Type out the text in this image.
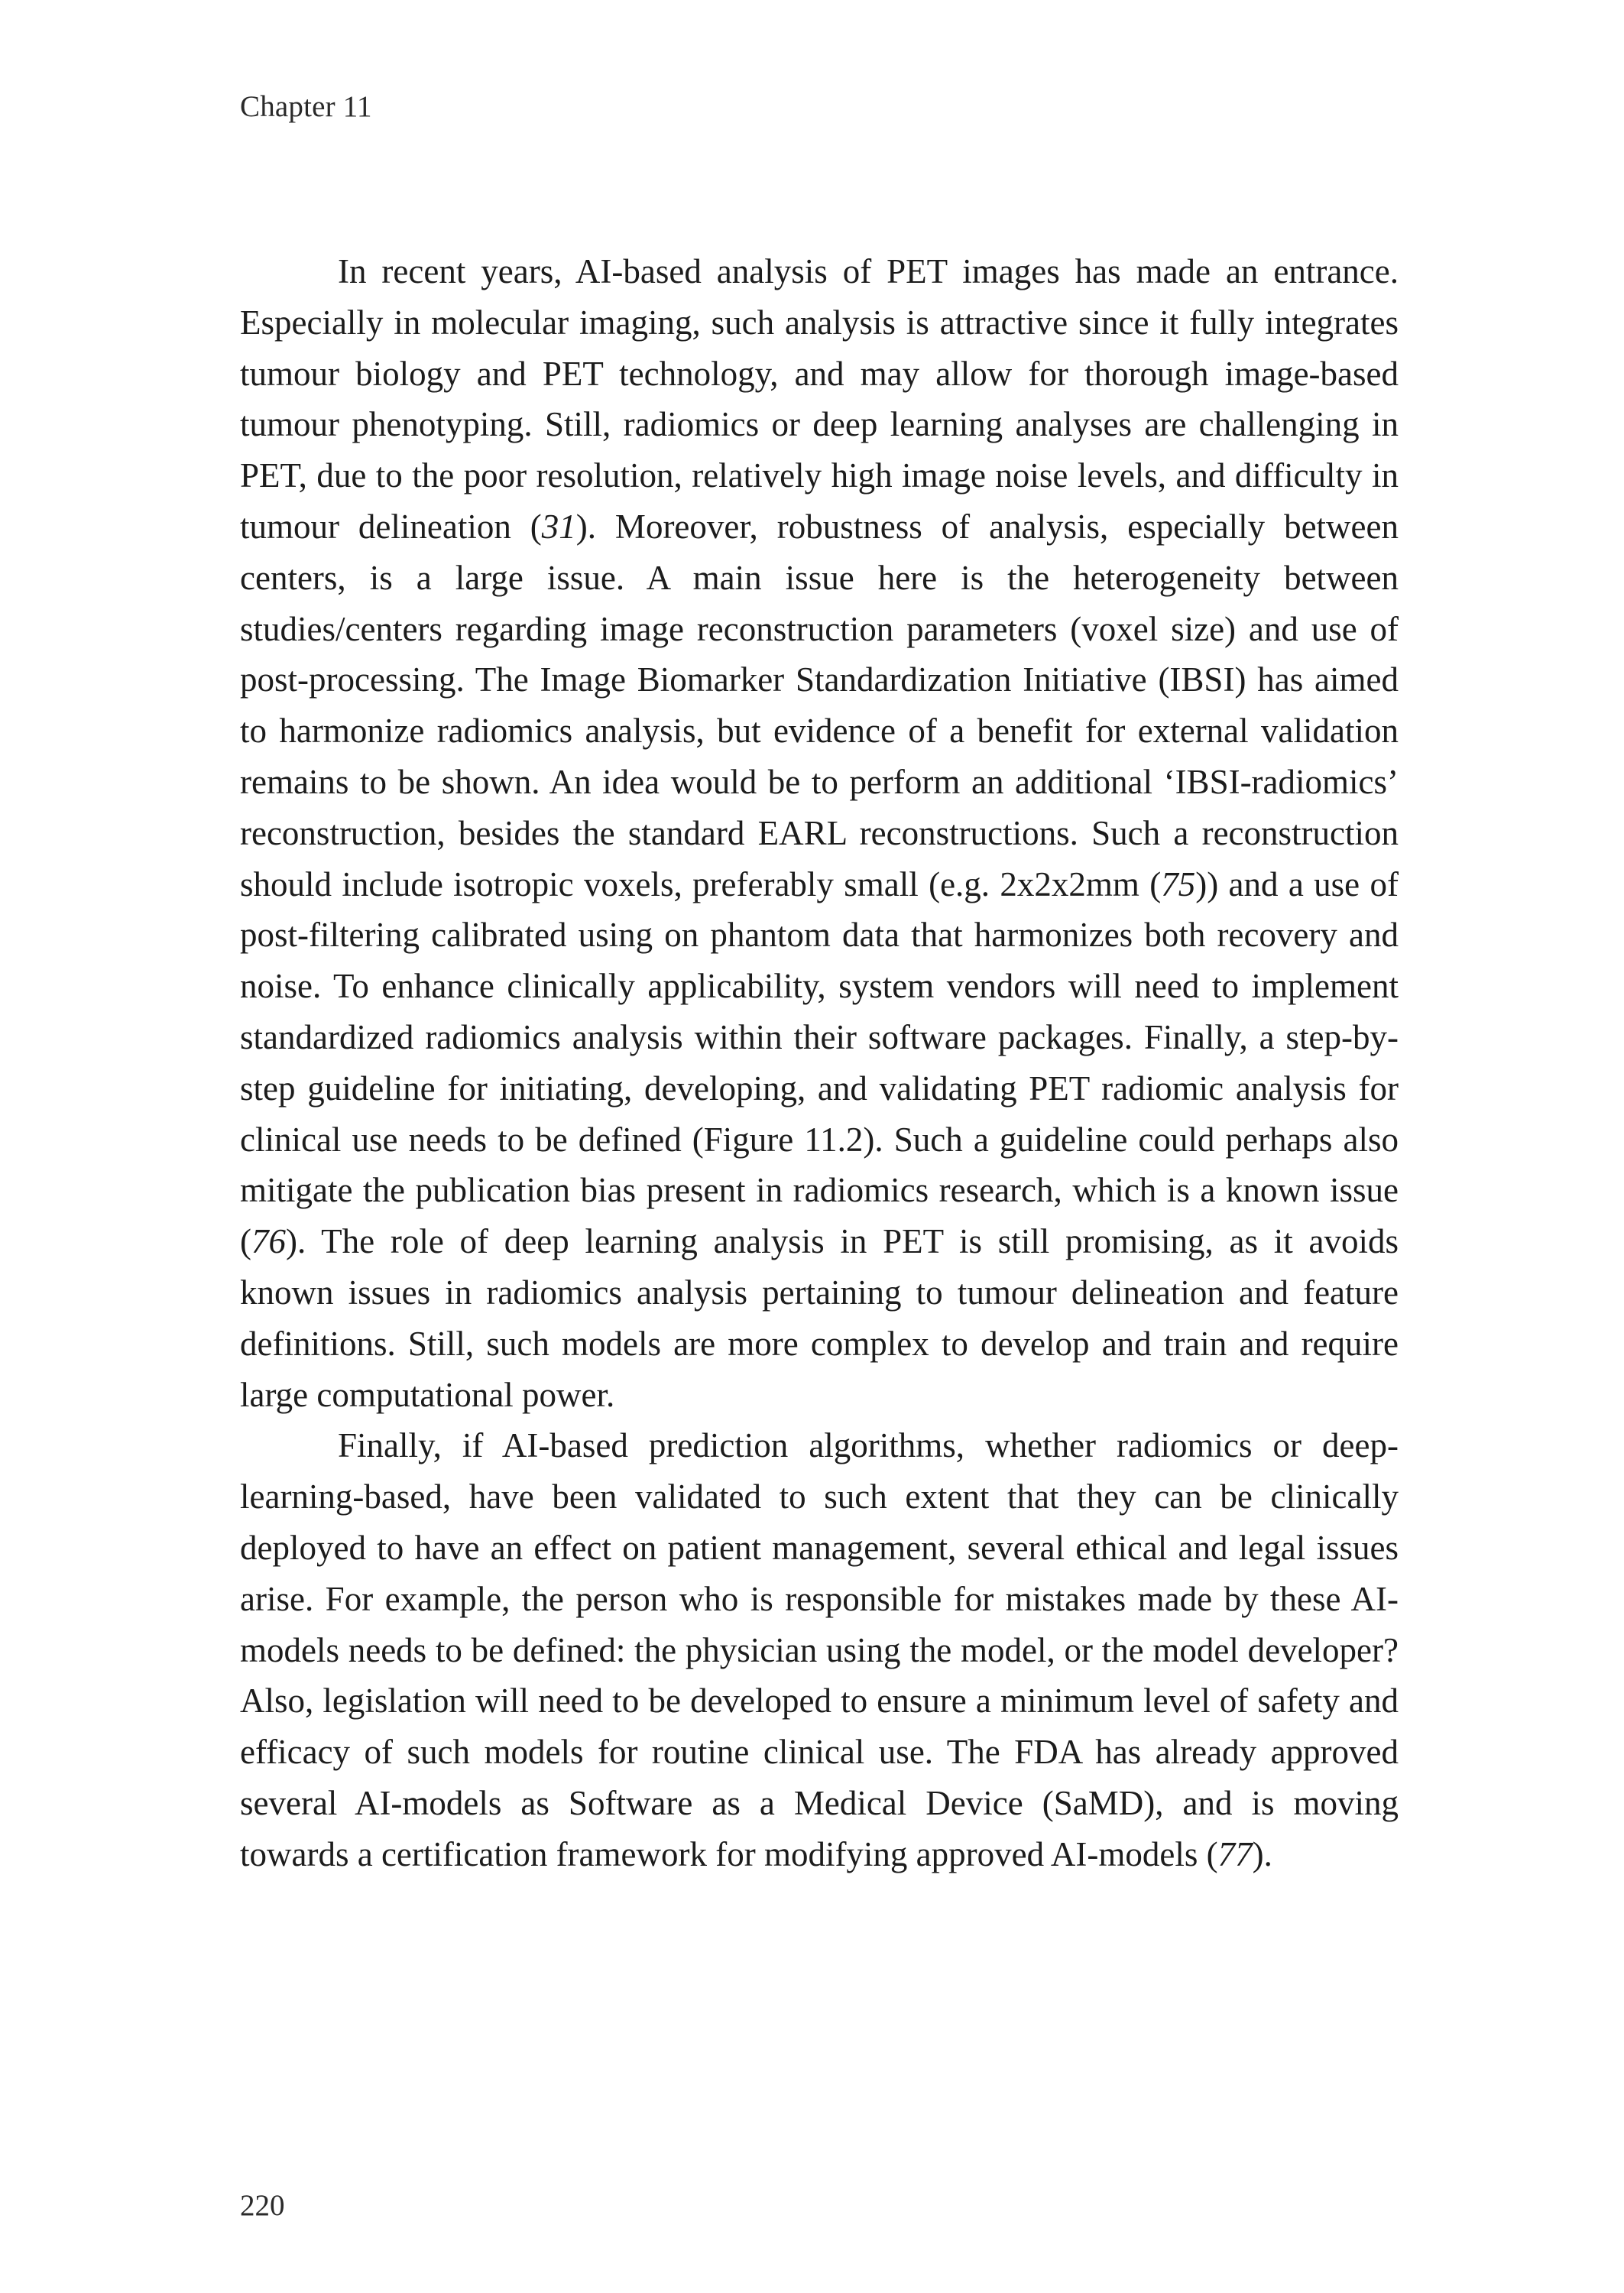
Chapter 11

In recent years, AI-based analysis of PET images has made an entrance. Especially in molecular imaging, such analysis is attractive since it fully integrates tumour biology and PET technology, and may allow for thorough image-based tumour phenotyping. Still, radiomics or deep learning analyses are challenging in PET, due to the poor resolution, relatively high image noise levels, and difficulty in tumour delineation (31). Moreover, robustness of analysis, especially between centers, is a large issue. A main issue here is the heterogeneity between studies/centers regarding image reconstruction parameters (voxel size) and use of post-processing. The Image Biomarker Standardization Initiative (IBSI) has aimed to harmonize radiomics analysis, but evidence of a benefit for external validation remains to be shown. An idea would be to perform an additional ‘IBSI-radiomics’ reconstruction, besides the standard EARL reconstructions. Such a reconstruction should include isotropic voxels, preferably small (e.g. 2x2x2mm (75)) and a use of post-filtering calibrated using on phantom data that harmonizes both recovery and noise. To enhance clinically applicability, system vendors will need to implement standardized radiomics analysis within their software packages. Finally, a step-by-step guideline for initiating, developing, and validating PET radiomic analysis for clinical use needs to be defined (Figure 11.2). Such a guideline could perhaps also mitigate the publication bias present in radiomics research, which is a known issue (76). The role of deep learning analysis in PET is still promising, as it avoids known issues in radiomics analysis pertaining to tumour delineation and feature definitions. Still, such models are more complex to develop and train and require large computational power.

Finally, if AI-based prediction algorithms, whether radiomics or deep-learning-based, have been validated to such extent that they can be clinically deployed to have an effect on patient management, several ethical and legal issues arise. For example, the person who is responsible for mistakes made by these AI-models needs to be defined: the physician using the model, or the model developer? Also, legislation will need to be developed to ensure a minimum level of safety and efficacy of such models for routine clinical use. The FDA has already approved several AI-models as Software as a Medical Device (SaMD), and is moving towards a certification framework for modifying approved AI-models (77).

220
